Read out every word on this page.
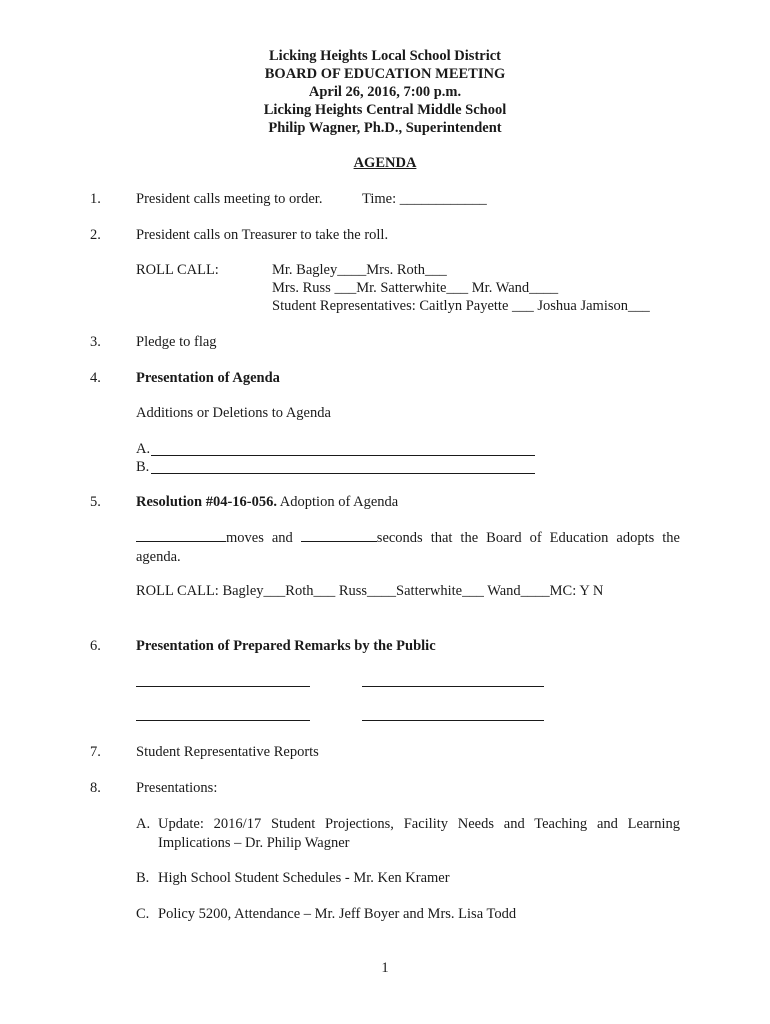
Licking Heights Local School District
BOARD OF EDUCATION MEETING
April 26, 2016, 7:00 p.m.
Licking Heights Central Middle School
Philip Wagner, Ph.D., Superintendent
AGENDA
1. President calls meeting to order.	Time: ____________
2. President calls on Treasurer to take the roll.
ROLL CALL:	Mr. Bagley____Mrs. Roth___
Mrs. Russ ___Mr. Satterwhite___ Mr. Wand____
Student Representatives: Caitlyn Payette ___ Joshua Jamison___
3. Pledge to flag
4. Presentation of Agenda
Additions or Deletions to Agenda
A.
B.
5. Resolution #04-16-056. Adoption of Agenda
moves and	seconds that the Board of Education adopts the agenda.
ROLL CALL: Bagley___Roth___ Russ____Satterwhite___ Wand____MC: Y N
6. Presentation of Prepared Remarks by the Public
7. Student Representative Reports
8. Presentations:
A. Update: 2016/17 Student Projections, Facility Needs and Teaching and Learning Implications – Dr. Philip Wagner
B. High School Student Schedules - Mr. Ken Kramer
C. Policy 5200, Attendance – Mr. Jeff Boyer and Mrs. Lisa Todd
1
